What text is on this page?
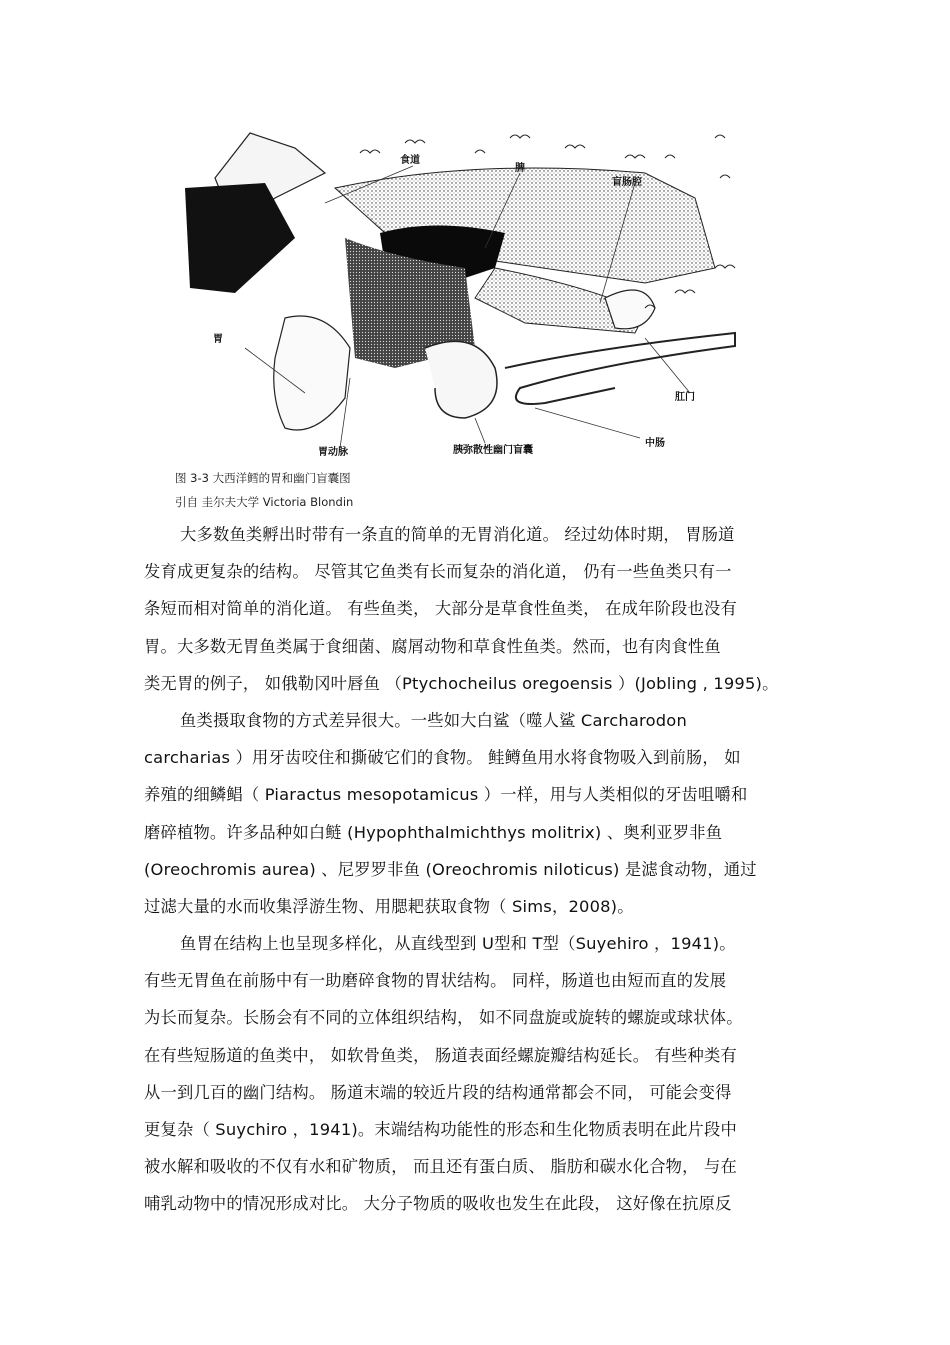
食道
脾
盲肠腔
胃
肛门
中肠
胃动脉	胰弥散性幽门盲囊
图 3-3 大西洋鳕的胃和幽门盲囊图
引自 圭尔夫大学 Victoria Blondin
大多数鱼类孵出时带有一条直的简单的无胃消化道。 经过幼体时期， 胃肠道
发育成更复杂的结构。 尽管其它鱼类有长而复杂的消化道， 仍有一些鱼类只有一
条短而相对简单的消化道。 有些鱼类， 大部分是草食性鱼类， 在成年阶段也没有
胃。大多数无胃鱼类属于食细菌、腐屑动物和草食性鱼类。然而，也有肉食性鱼
类无胃的例子， 如俄勒冈叶唇鱼 （Ptychocheilus oregoensis ）(Jobling , 1995)。
鱼类摄取食物的方式差异很大。一些如大白鲨（噬人鲨 Carcharodon
carcharias ）用牙齿咬住和撕破它们的食物。 鲑鳟鱼用水将食物吸入到前肠， 如
养殖的细鳞鲳（ Piaractus mesopotamicus ）一样，用与人类相似的牙齿咀嚼和
磨碎植物。许多品种如白鲢 (Hypophthalmichthys molitrix) 、奥利亚罗非鱼
(Oreochromis aurea) 、尼罗罗非鱼 (Oreochromis niloticus) 是滤食动物，通过
过滤大量的水而收集浮游生物、用腮耙获取食物（ Sims，2008)。
鱼胃在结构上也呈现多样化，从直线型到 U型和 T型（Suyehiro ，1941)。
有些无胃鱼在前肠中有一助磨碎食物的胃状结构。 同样，肠道也由短而直的发展
为长而复杂。长肠会有不同的立体组织结构， 如不同盘旋或旋转的螺旋或球状体。
在有些短肠道的鱼类中， 如软骨鱼类， 肠道表面经螺旋瓣结构延长。 有些种类有
从一到几百的幽门结构。 肠道末端的较近片段的结构通常都会不同， 可能会变得
更复杂（ Suychiro ，1941)。末端结构功能性的形态和生化物质表明在此片段中
被水解和吸收的不仅有水和矿物质， 而且还有蛋白质、 脂肪和碳水化合物， 与在
哺乳动物中的情况形成对比。 大分子物质的吸收也发生在此段， 这好像在抗原反
